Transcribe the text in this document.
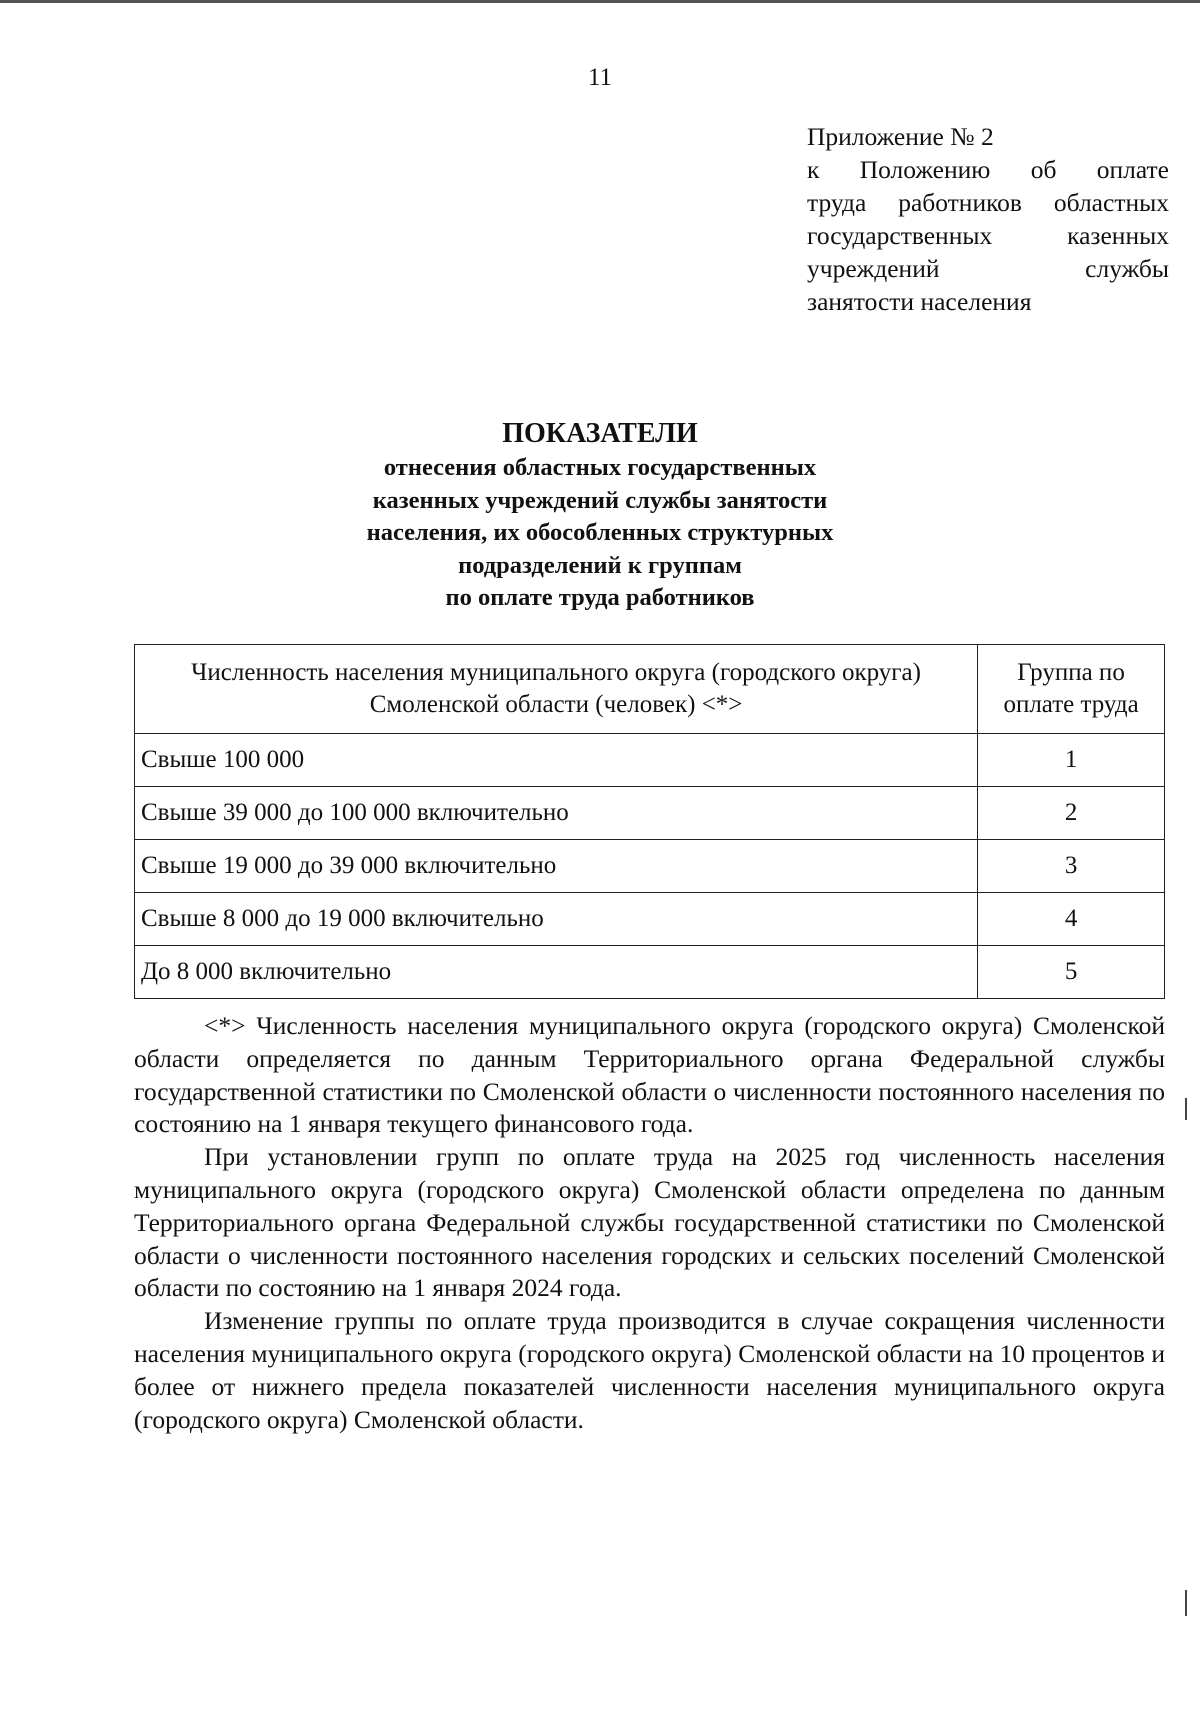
11
Приложение № 2
к Положению об оплате
труда работников областных
государственных казенных
учреждений службы
занятости населения
ПОКАЗАТЕЛИ
отнесения областных государственных
казенных учреждений службы занятости
населения, их обособленных структурных
подразделений к группам
по оплате труда работников
Численность населения муниципального округа (городского округа) Смоленской области (человек) <*>	Группа по оплате труда
Свыше 100 000	1
Свыше 39 000 до 100 000 включительно	2
Свыше 19 000 до 39 000 включительно	3
Свыше 8 000 до 19 000 включительно	4
До 8 000 включительно	5

<*> Численность населения муниципального округа (городского округа) Смоленской области определяется по данным Территориального органа Федеральной службы государственной статистики по Смоленской области о численности постоянного населения по состоянию на 1 января текущего финансового года.

При установлении групп по оплате труда на 2025 год численность населения муниципального округа (городского округа) Смоленской области определена по данным Территориального органа Федеральной службы государственной статистики по Смоленской области о численности постоянного населения городских и сельских поселений Смоленской области по состоянию на 1 января 2024 года.

Изменение группы по оплате труда производится в случае сокращения численности населения муниципального округа (городского округа) Смоленской области на 10 процентов и более от нижнего предела показателей численности населения муниципального округа (городского округа) Смоленской области.
